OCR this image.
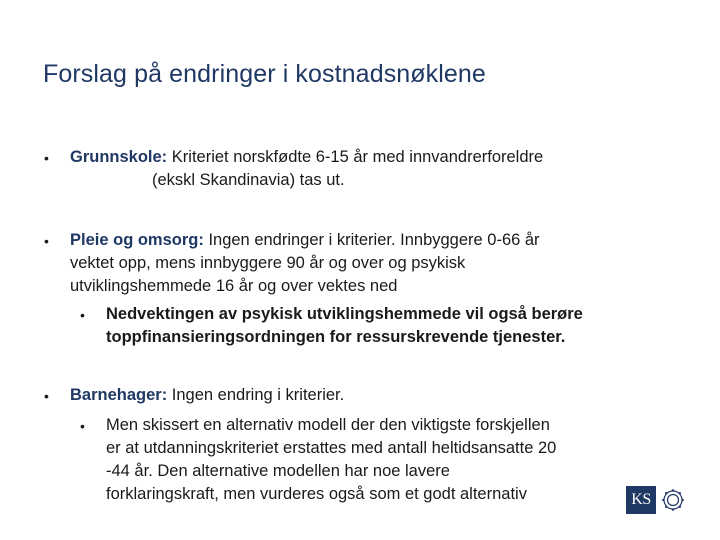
Forslag på endringer i kostnadsnøklene
• Grunnskole: Kriteriet norskfødte 6-15 år med innvandrerforeldre
(ekskl Skandinavia) tas ut.
• Pleie og omsorg: Ingen endringer i kriterier. Innbyggere 0-66 år
vektet opp, mens innbyggere 90 år og over og psykisk
utviklingshemmede 16 år og over vektes ned
• Nedvektingen av psykisk utviklingshemmede vil også berøre
toppfinansieringsordningen for ressurskrevende tjenester.
• Barnehager: Ingen endring i kriterier.
• Men skissert en alternativ modell der den viktigste forskjellen
er at utdanningskriteriet erstattes med antall heltidsansatte 20
-44 år. Den alternative modellen har noe lavere
forklaringskraft, men vurderes også som et godt alternativ	KS
